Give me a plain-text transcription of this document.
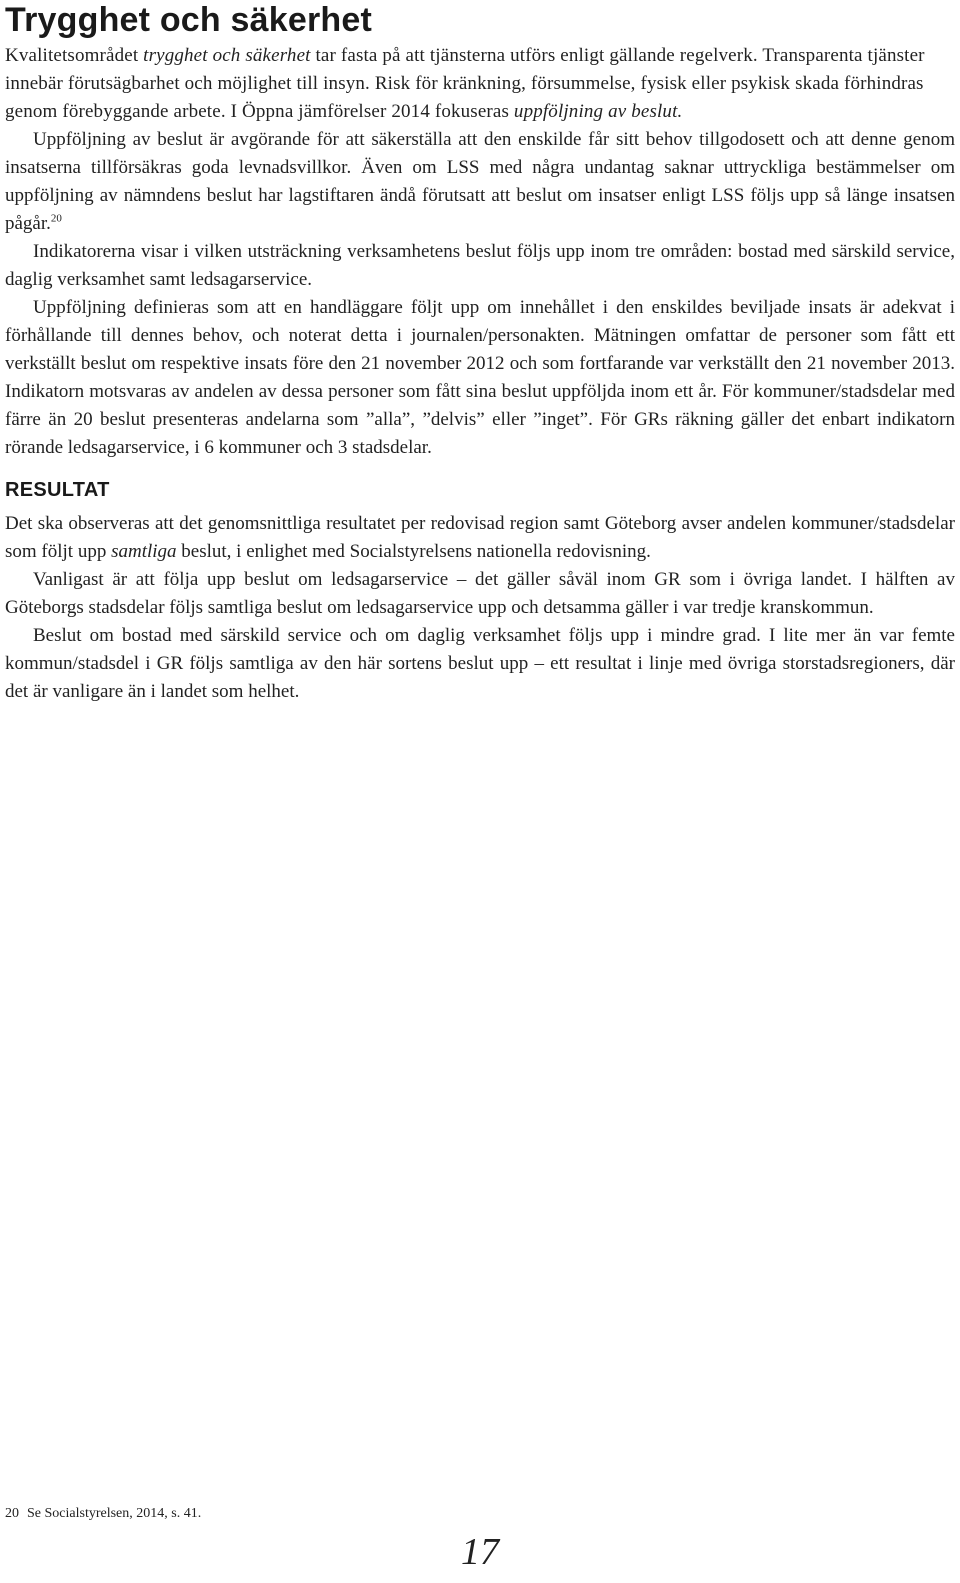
Trygghet och säkerhet

Kvalitetsområdet trygghet och säkerhet tar fasta på att tjänsterna utförs enligt gällande regelverk. Transparenta tjänster innebär förutsägbarhet och möjlighet till insyn. Risk för kränkning, försummelse, fysisk eller psykisk skada förhindras genom förebyggande arbete. I Öppna jämförelser 2014 fokuseras uppföljning av beslut.

Uppföljning av beslut är avgörande för att säkerställa att den enskilde får sitt behov tillgodosett och att denne genom insatserna tillförsäkras goda levnadsvillkor. Även om LSS med några undantag saknar uttryckliga bestämmelser om uppföljning av nämndens beslut har lagstiftaren ändå förutsatt att beslut om insatser enligt LSS följs upp så länge insatsen pågår.$^{20}$

Indikatorerna visar i vilken utsträckning verksamhetens beslut följs upp inom tre områden: bostad med särskild service, daglig verksamhet samt ledsagarservice.

Uppföljning definieras som att en handläggare följt upp om innehållet i den enskildes beviljade insats är adekvat i förhållande till dennes behov, och noterat detta i journalen/personakten. Mätningen omfattar de personer som fått ett verkställt beslut om respektive insats före den 21 november 2012 och som fortfarande var verkställt den 21 november 2013. Indikatorn motsvaras av andelen av dessa personer som fått sina beslut uppföljda inom ett år. För kommuner/stadsdelar med färre än 20 beslut presenteras andelarna som ”alla”, ”delvis” eller ”inget”. För GRs räkning gäller det enbart indikatorn rörande ledsagarservice, i 6 kommuner och 3 stadsdelar.

RESULTAT

Det ska observeras att det genomsnittliga resultatet per redovisad region samt Göteborg avser andelen kommuner/stadsdelar som följt upp samtliga beslut, i enlighet med Socialstyrelsens nationella redovisning.

Vanligast är att följa upp beslut om ledsagarservice – det gäller såväl inom GR som i övriga landet. I hälften av Göteborgs stadsdelar följs samtliga beslut om ledsagarservice upp och detsamma gäller i var tredje kranskommun.

Beslut om bostad med särskild service och om daglig verksamhet följs upp i mindre grad. I lite mer än var femte kommun/stadsdel i GR följs samtliga av den här sortens beslut upp – ett resultat i linje med övriga storstadsregioners, där det är vanligare än i landet som helhet.

20 Se Socialstyrelsen, 2014, s. 41.
17
